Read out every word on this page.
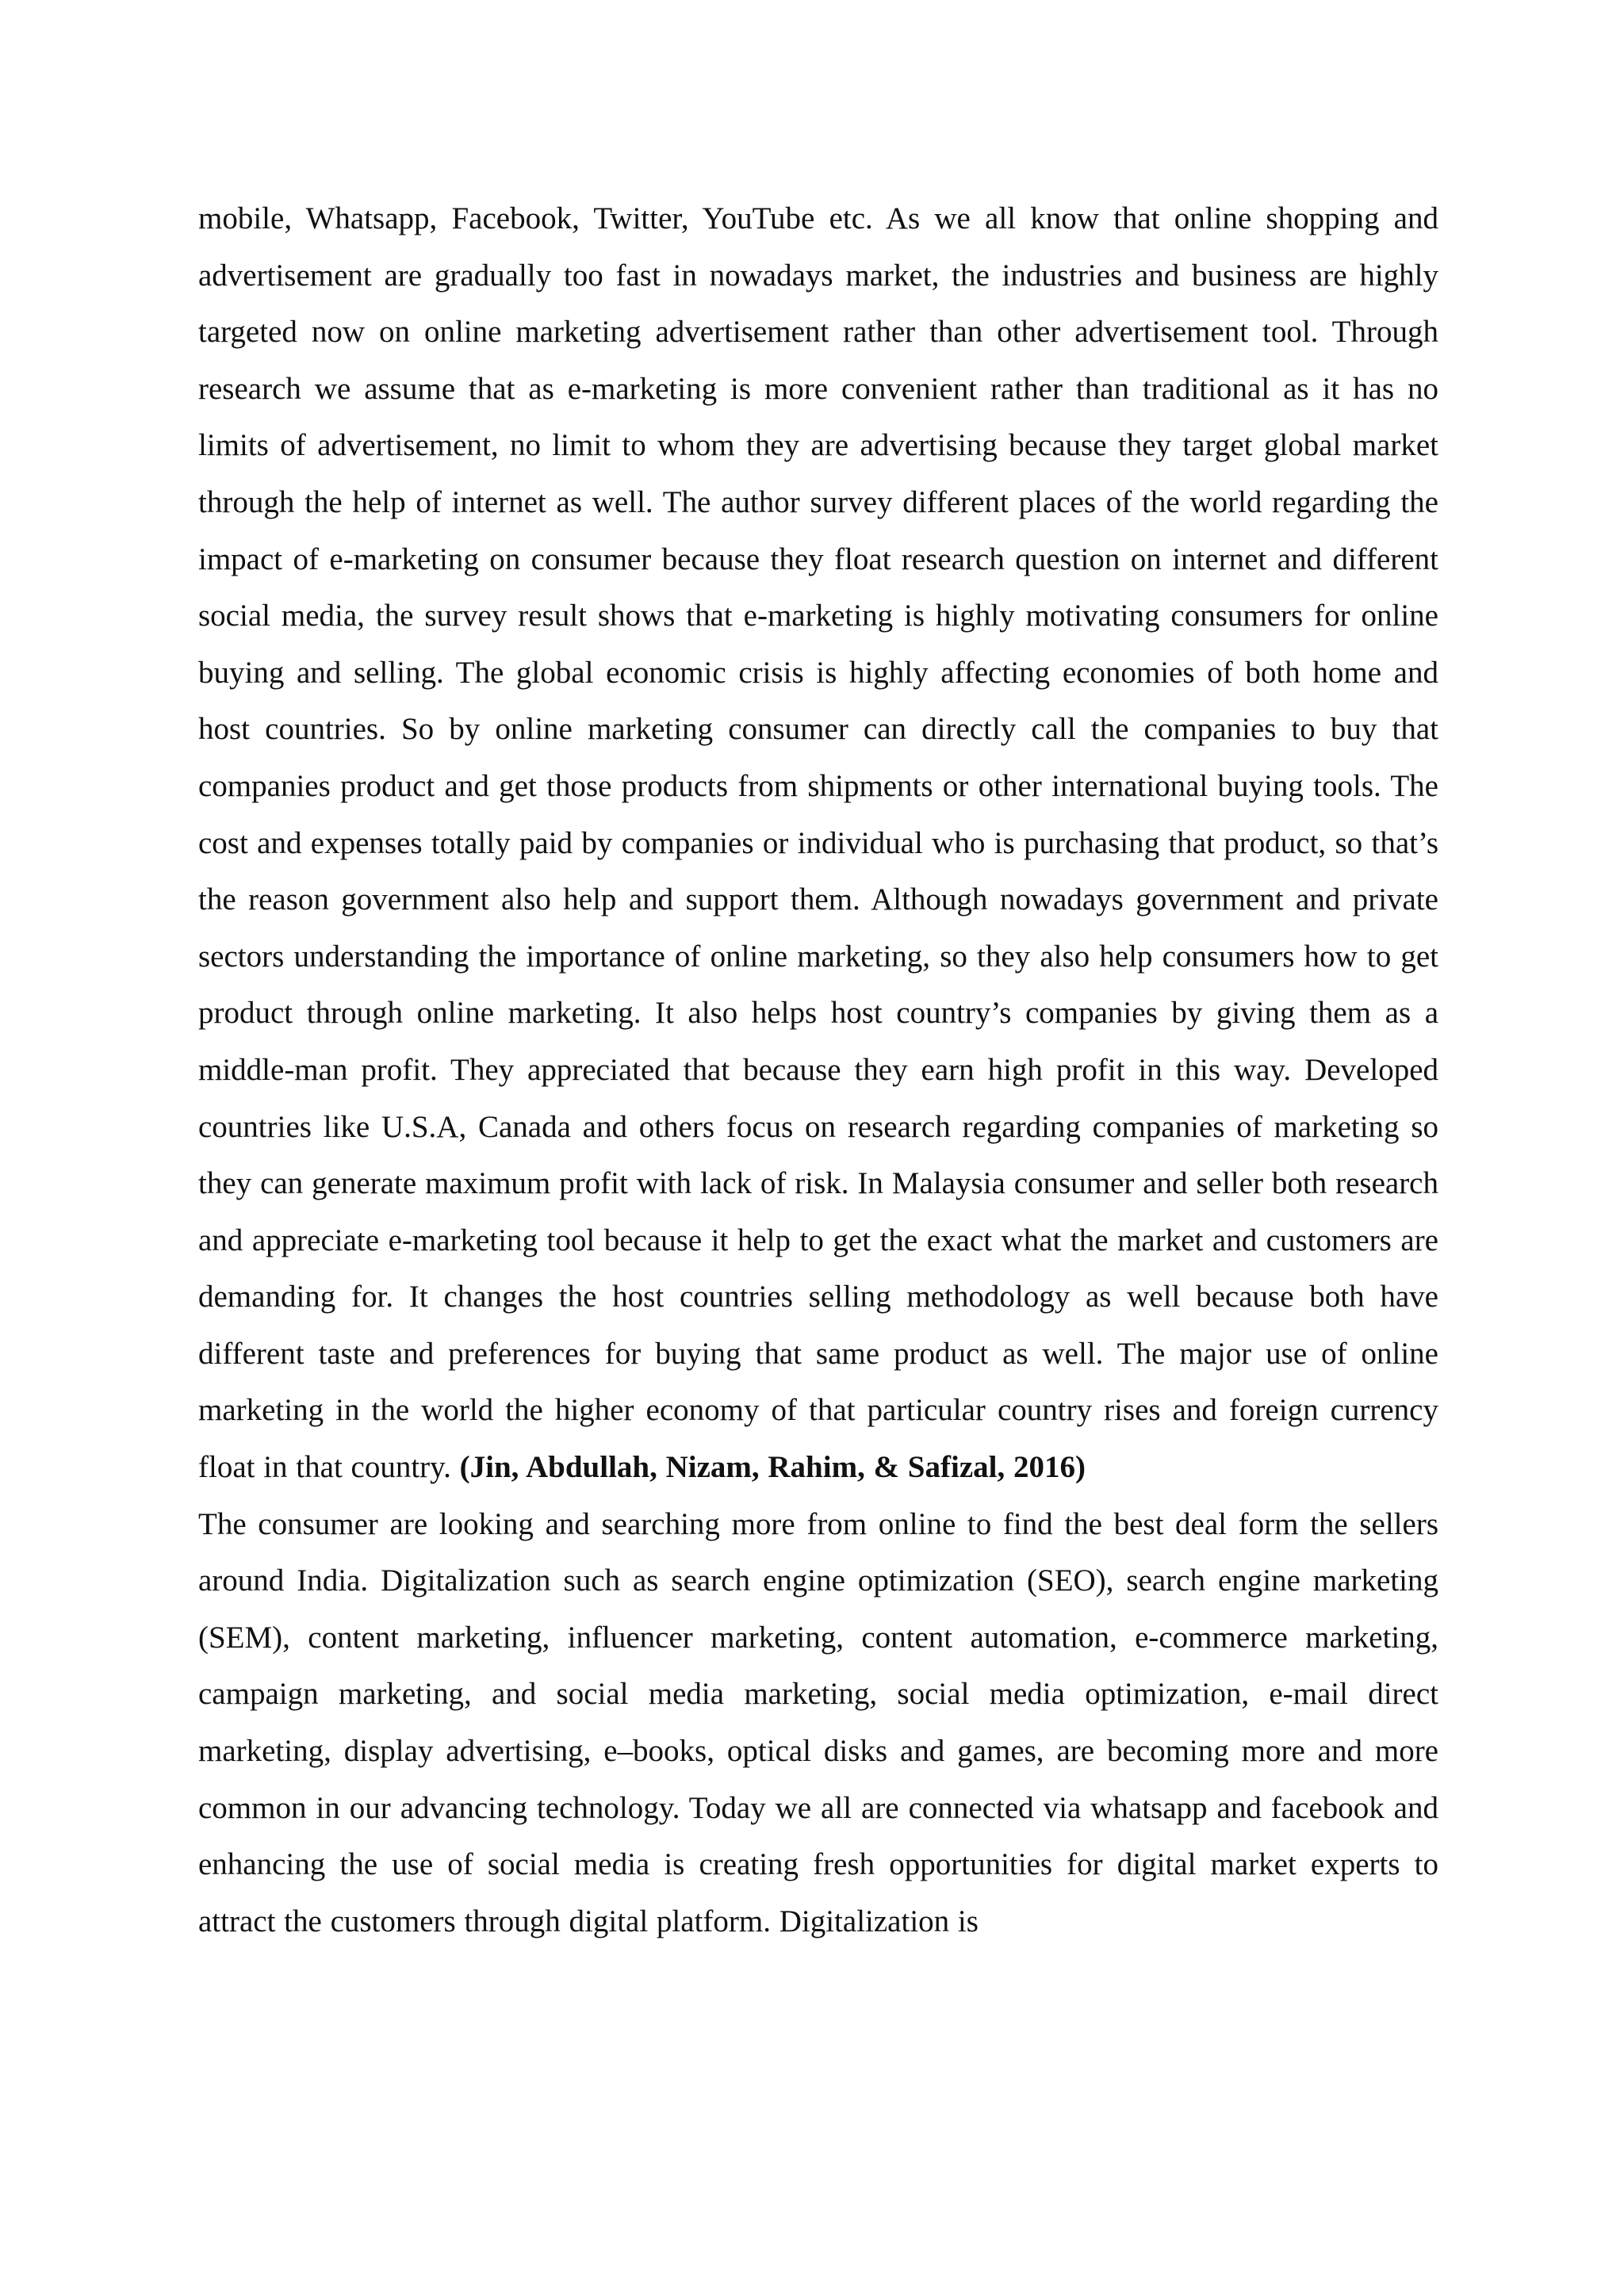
mobile, Whatsapp, Facebook, Twitter, YouTube etc. As we all know that online shopping and advertisement are gradually too fast in nowadays market, the industries and business are highly targeted now on online marketing advertisement rather than other advertisement tool. Through research we assume that as e-marketing is more convenient rather than traditional as it has no limits of advertisement, no limit to whom they are advertising because they target global market through the help of internet as well. The author survey different places of the world regarding the impact of e-marketing on consumer because they float research question on internet and different social media, the survey result shows that e-marketing is highly motivating consumers for online buying and selling. The global economic crisis is highly affecting economies of both home and host countries. So by online marketing consumer can directly call the companies to buy that companies product and get those products from shipments or other international buying tools. The cost and expenses totally paid by companies or individual who is purchasing that product, so that’s the reason government also help and support them. Although nowadays government and private sectors understanding the importance of online marketing, so they also help consumers how to get product through online marketing. It also helps host country’s companies by giving them as a middle-man profit. They appreciated that because they earn high profit in this way. Developed countries like U.S.A, Canada and others focus on research regarding companies of marketing so they can generate maximum profit with lack of risk. In Malaysia consumer and seller both research and appreciate e-marketing tool because it help to get the exact what the market and customers are demanding for. It changes the host countries selling methodology as well because both have different taste and preferences for buying that same product as well. The major use of online marketing in the world the higher economy of that particular country rises and foreign currency float in that country. (Jin, Abdullah, Nizam, Rahim, & Safizal, 2016)

The consumer are looking and searching more from online to find the best deal form the sellers around India. Digitalization such as search engine optimization (SEO), search engine marketing (SEM), content marketing, influencer marketing, content automation, e-commerce marketing, campaign marketing, and social media marketing, social media optimization, e-mail direct marketing, display advertising, e–books, optical disks and games, are becoming more and more common in our advancing technology. Today we all are connected via whatsapp and facebook and enhancing the use of social media is creating fresh opportunities for digital market experts to attract the customers through digital platform. Digitalization is
